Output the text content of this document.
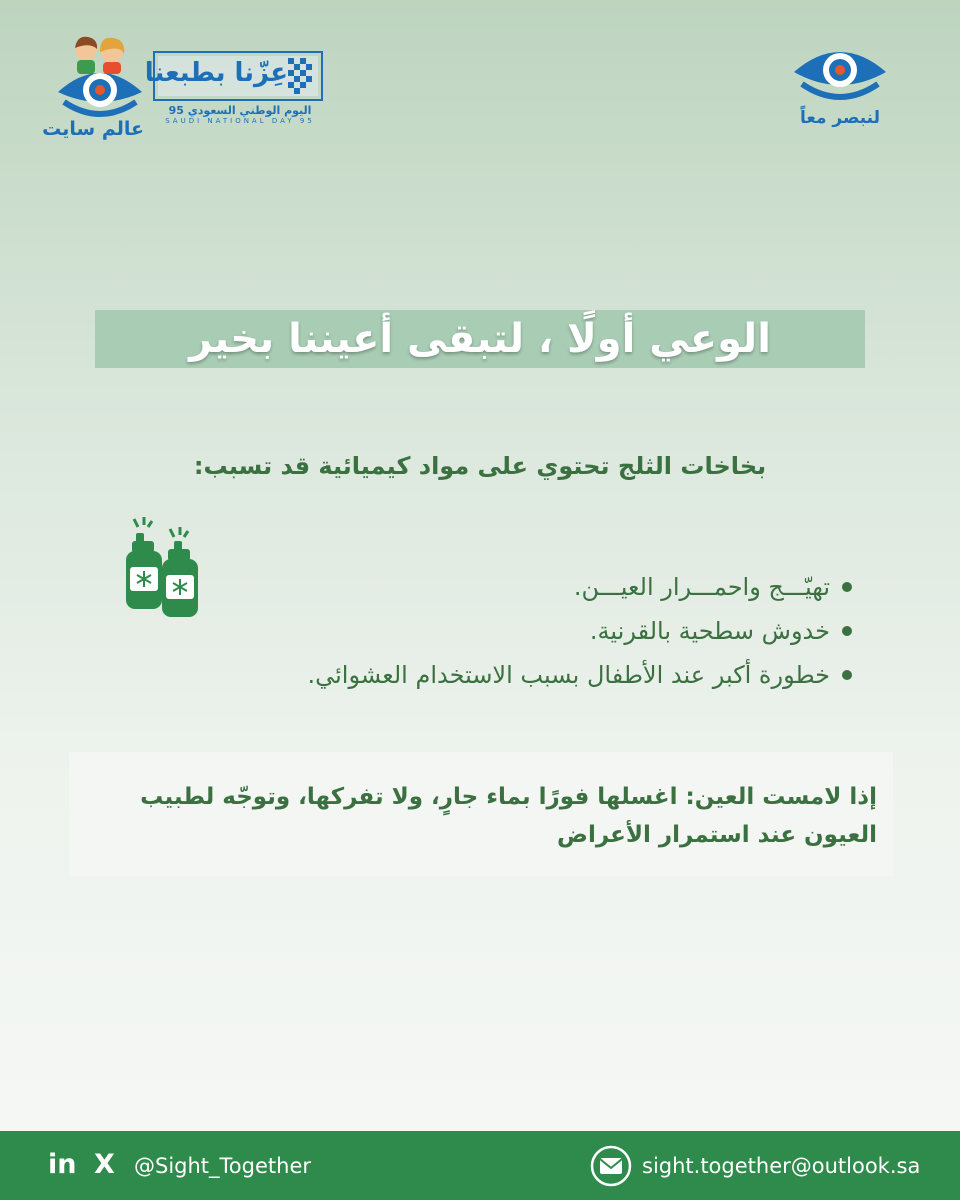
عالم سايت
عِزّنا بطبعنا
اليوم الوطني السعودي 95
SAUDI NATIONAL DAY 95	لنبصر معاً
الوعي أولًا ، لتبقى أعيننا بخير
بخاخات الثلج تحتوي على مواد كيميائية قد تسبب:
تهيّـــج واحمـــرار العيـــن.
خدوش سطحية بالقرنية.
خطورة أكبر عند الأطفال بسبب الاستخدام العشوائي.
إذا لامست العين: اغسلها فورًا بماء جارٍ، ولا تفركها، وتوجّه لطبيب العيون عند استمرار الأعراض
in X @Sight_Together	sight.together@outlook.sa
